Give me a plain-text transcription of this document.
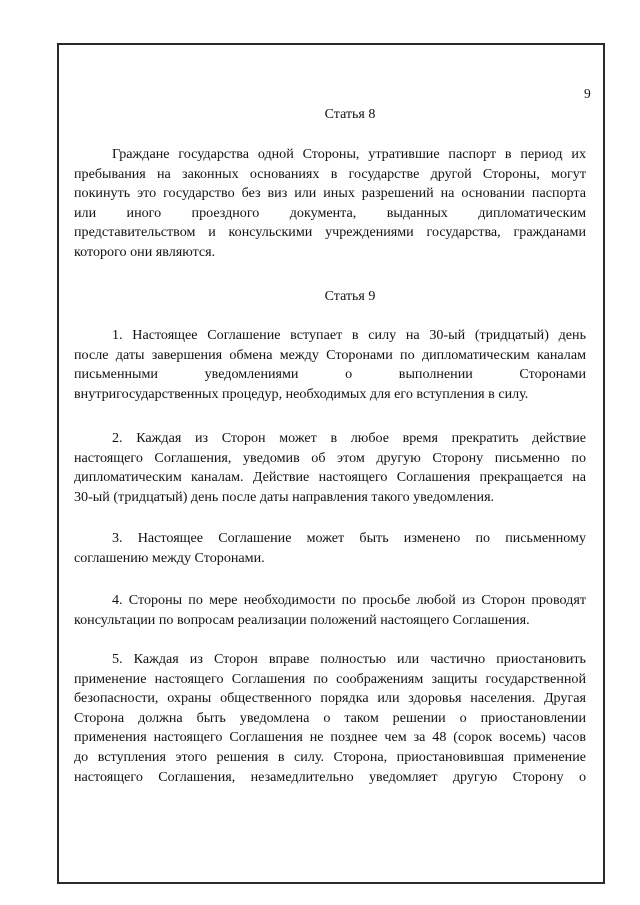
9
Статья 8
Граждане государства одной Стороны, утратившие паспорт в период их
пребывания на законных основаниях в государстве другой Стороны, могут
покинуть это государство без виз или иных разрешений на основании паспорта
или иного проездного документа, выданных дипломатическим
представительством и консульскими учреждениями государства, гражданами
которого они являются.
Статья 9
1. Настоящее Соглашение вступает в силу на 30-ый (тридцатый) день
после даты завершения обмена между Сторонами по дипломатическим каналам
письменными уведомлениями о выполнении Сторонами
внутригосударственных процедур, необходимых для его вступления в силу.
2. Каждая из Сторон может в любое время прекратить действие
настоящего Соглашения, уведомив об этом другую Сторону письменно по
дипломатическим каналам. Действие настоящего Соглашения прекращается на
30-ый (тридцатый) день после даты направления такого уведомления.
3. Настоящее Соглашение может быть изменено по письменному
соглашению между Сторонами.
4. Стороны по мере необходимости по просьбе любой из Сторон проводят
консультации по вопросам реализации положений настоящего Соглашения.
5. Каждая из Сторон вправе полностью или частично приостановить
применение настоящего Соглашения по соображениям защиты государственной
безопасности, охраны общественного порядка или здоровья населения. Другая
Сторона должна быть уведомлена о таком решении о приостановлении
применения настоящего Соглашения не позднее чем за 48 (сорок восемь) часов
до вступления этого решения в силу. Сторона, приостановившая применение
настоящего Соглашения, незамедлительно уведомляет другую Сторону о
